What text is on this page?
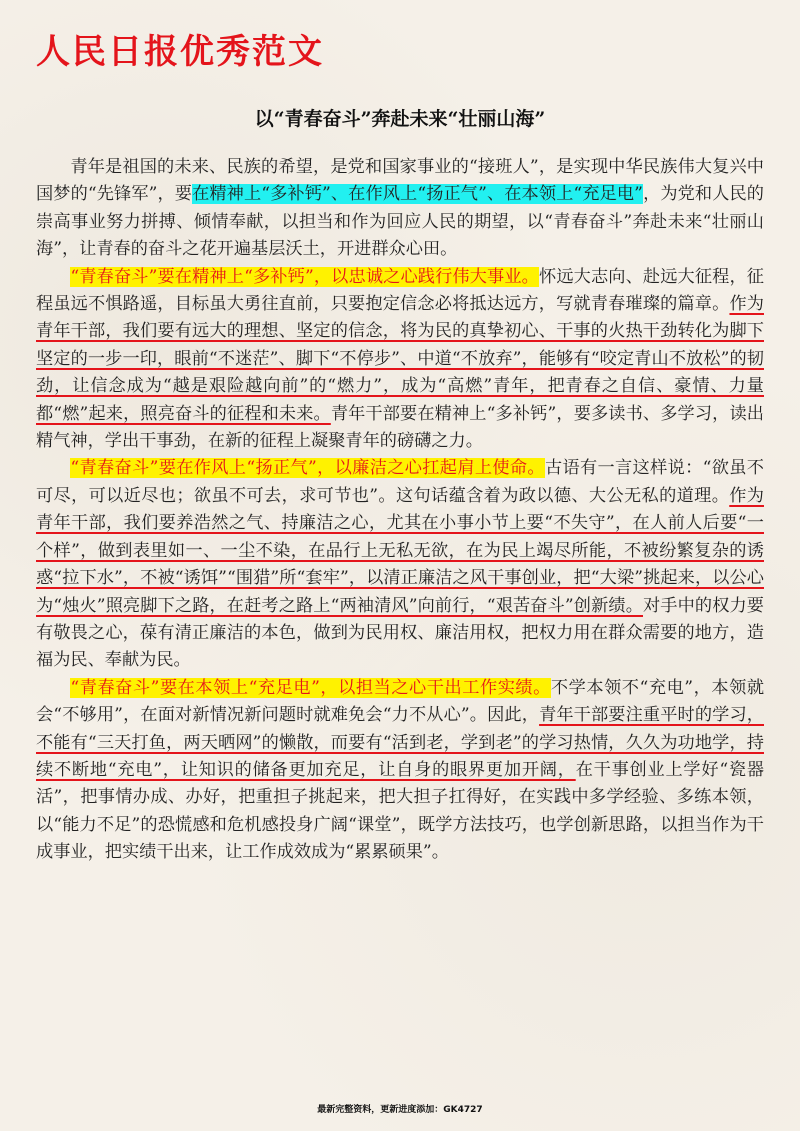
人民日报优秀范文
以“青春奋斗”奔赴未来“壮丽山海”

青年是祖国的未来、民族的希望，是党和国家事业的“接班人”，是实现中华民族伟大复兴中国梦的“先锋军”，要在精神上“多补钙”、在作风上“扬正气”、在本领上“充足电”，为党和人民的崇高事业努力拼搏、倾情奉献，以担当和作为回应人民的期望，以“青春奋斗”奔赴未来“壮丽山海”，让青春的奋斗之花开遍基层沃土，开进群众心田。

“青春奋斗”要在精神上“多补钙”，以忠诚之心践行伟大事业。怀远大志向、赴远大征程，征程虽远不惧路遥，目标虽大勇往直前，只要抱定信念必将抵达远方，写就青春璀璨的篇章。作为青年干部，我们要有远大的理想、坚定的信念，将为民的真挚初心、干事的火热干劲转化为脚下坚定的一步一印，眼前“不迷茫”、脚下“不停步”、中道“不放弃”，能够有“咬定青山不放松”的韧劲，让信念成为“越是艰险越向前”的“燃力”，成为“高燃”青年，把青春之自信、豪情、力量都“燃”起来，照亮奋斗的征程和未来。青年干部要在精神上“多补钙”，要多读书、多学习，读出精气神，学出干事劲，在新的征程上凝聚青年的磅礴之力。

“青春奋斗”要在作风上“扬正气”，以廉洁之心扛起肩上使命。古语有一言这样说：“欲虽不可尽，可以近尽也；欲虽不可去，求可节也”。这句话蕴含着为政以德、大公无私的道理。作为青年干部，我们要养浩然之气、持廉洁之心，尤其在小事小节上要“不失守”，在人前人后要“一个样”，做到表里如一、一尘不染，在品行上无私无欲，在为民上竭尽所能，不被纷繁复杂的诱惑“拉下水”，不被“诱饵”“围猎”所“套牢”，以清正廉洁之风干事创业，把“大梁”挑起来，以公心为“烛火”照亮脚下之路，在赶考之路上“两袖清风”向前行，“艰苦奋斗”创新绩。对手中的权力要有敬畏之心，葆有清正廉洁的本色，做到为民用权、廉洁用权，把权力用在群众需要的地方，造福为民、奉献为民。

“青春奋斗”要在本领上“充足电”，以担当之心干出工作实绩。不学本领不“充电”，本领就会“不够用”，在面对新情况新问题时就难免会“力不从心”。因此，青年干部要注重平时的学习，不能有“三天打鱼，两天晒网”的懒散，而要有“活到老，学到老”的学习热情，久久为功地学，持续不断地“充电”，让知识的储备更加充足，让自身的眼界更加开阔，在干事创业上学好“瓷器活”，把事情办成、办好，把重担子挑起来，把大担子扛得好，在实践中多学经验、多练本领，以“能力不足”的恐慌感和危机感投身广阔“课堂”，既学方法技巧，也学创新思路，以担当作为干成事业，把实绩干出来，让工作成效成为“累累硕果”。

最新完整资料，更新进度添加：GK4727
